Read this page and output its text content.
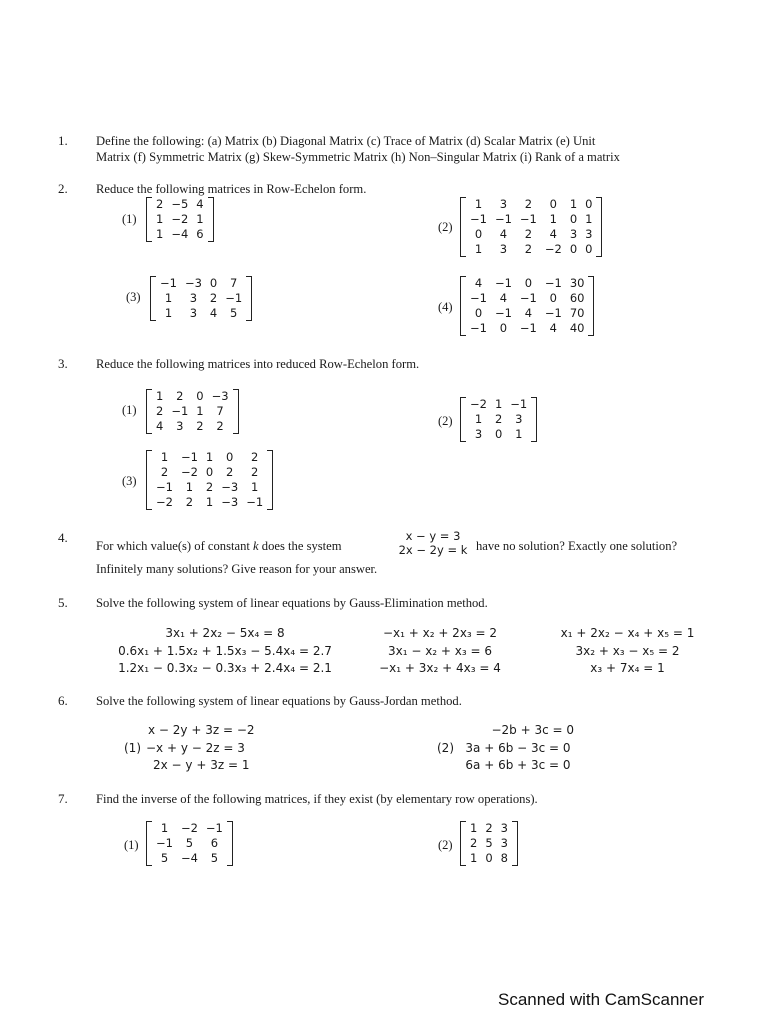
1. Define the following: (a) Matrix (b) Diagonal Matrix (c) Trace of Matrix (d) Scalar Matrix (e) Unit
Matrix (f) Symmetric Matrix (g) Skew-Symmetric Matrix (h) Non–Singular Matrix (i) Rank of a matrix
2. Reduce the following matrices in Row-Echelon form.
(1)
2	−5	4
1	−2	1
1	−4	6	(2)
1	3	2	0	1	0
−1	−1	−1	1	0	1
0	4	2	4	3	3
1	3	2	−2	0	0
(3)
−1	−3	0	7
1	3	2	−1
1	3	4	5	(4)
4	−1	0	−1	30
−1	4	−1	0	60
0	−1	4	−1	70
−1	0	−1	4	40
3. Reduce the following matrices into reduced Row-Echelon form.
(1)
1	2	0	−3
2	−1	1	7
4	3	2	2	(2)
−2	1	−1
1	2	3
3	0	1
(3)
1	−1	1	0	2
2	−2	0	2	2
−1	1	2	−3	1
−2	2	1	−3	−1
4.
For which value(s) of constant k does the system
x − y = 3
2x − 2y = k have no solution? Exactly one solution?
Infinitely many solutions? Give reason for your answer.
5. Solve the following system of linear equations by Gauss-Elimination method.
3x₁ + 2x₂ − 5x₄ = 8
0.6x₁ + 1.5x₂ + 1.5x₃ − 5.4x₄ = 2.7
1.2x₁ − 0.3x₂ − 0.3x₃ + 2.4x₄ = 2.1
−x₁ + x₂ + 2x₃ = 2
3x₁ − x₂ + x₃ = 6
−x₁ + 3x₂ + 4x₃ = 4
x₁ + 2x₂ − x₄ + x₅ = 1
3x₂ + x₃ − x₅ = 2
x₃ + 7x₄ = 1
6. Solve the following system of linear equations by Gauss-Jordan method.
(1)
x − 2y + 3z = −2
−x + y − 2z = 3
2x − y + 3z = 1
(2)
−2b + 3c = 0
3a + 6b − 3c = 0
6a + 6b + 3c = 0
7. Find the inverse of the following matrices, if they exist (by elementary row operations).
(1)
1	−2	−1
−1	5	6
5	−4	5
(2)
1	2	3
2	5	3
1	0	8
Scanned with CamScanner
